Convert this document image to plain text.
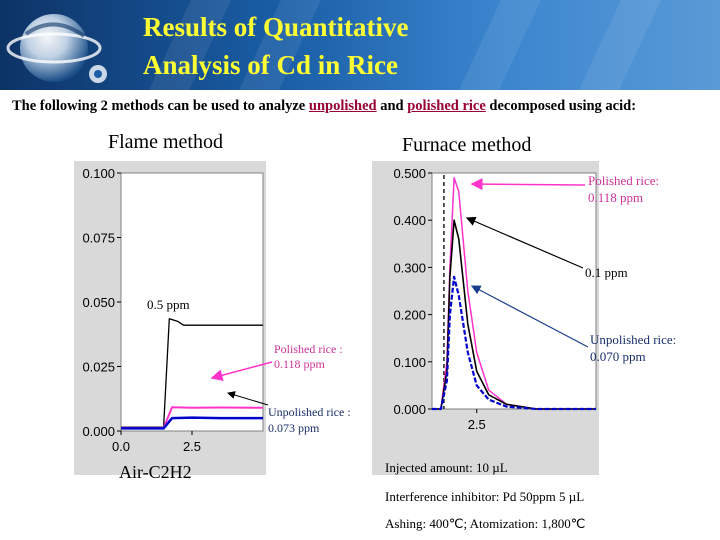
Results of Quantitative
Analysis of Cd in Rice
The following 2 methods can be used to analyze unpolished and polished rice decomposed using acid:
Flame method	Furnace method
0.000
0.025
0.050
0.075
0.100
0.0	2.5
0.000
0.100
0.200
0.300
0.400
0.500
2.5
0.5 ppm
Polished rice :
0.118 ppm
Unpolished rice :
0.073 ppm
Air-C2H2
Polished rice:
0.118 ppm
0.1 ppm
Unpolished rice:
0.070 ppm
Injected amount: 10 µL
Interference inhibitor: Pd 50ppm 5 µL
Ashing: 400℃; Atomization: 1,800℃
